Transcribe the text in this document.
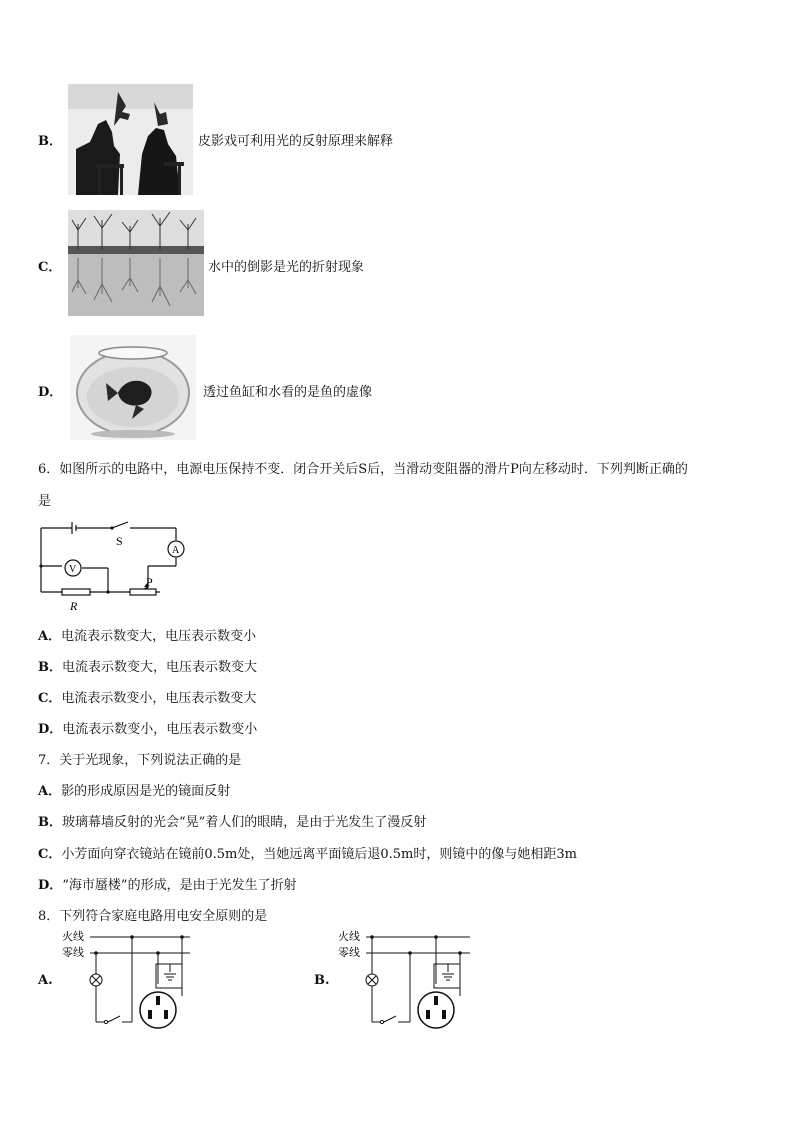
B．	皮影戏可利用光的反射原理来解释
C．	水中的倒影是光的折射现象
D．	透过鱼缸和水看的是鱼的虚像
6．如图所示的电路中，电源电压保持不变．闭合开关后S后，当滑动变阻器的滑片P向左移动时．下列判断正确的
是
S
A
V
P
R
A．电流表示数变大，电压表示数变小
B．电流表示数变大，电压表示数变大
C．电流表示数变小，电压表示数变大
D．电流表示数变小，电压表示数变小
7．关于光现象，下列说法正确的是
A．影的形成原因是光的镜面反射
B．玻璃幕墙反射的光会“晃”着人们的眼睛，是由于光发生了漫反射
C．小芳面向穿衣镜站在镜前0.5m处，当她远离平面镜后退0.5m时，则镜中的像与她相距3m
D．“海市蜃楼”的形成，是由于光发生了折射
8．下列符合家庭电路用电安全原则的是
A.
火线
零线
B.
火线
零线
